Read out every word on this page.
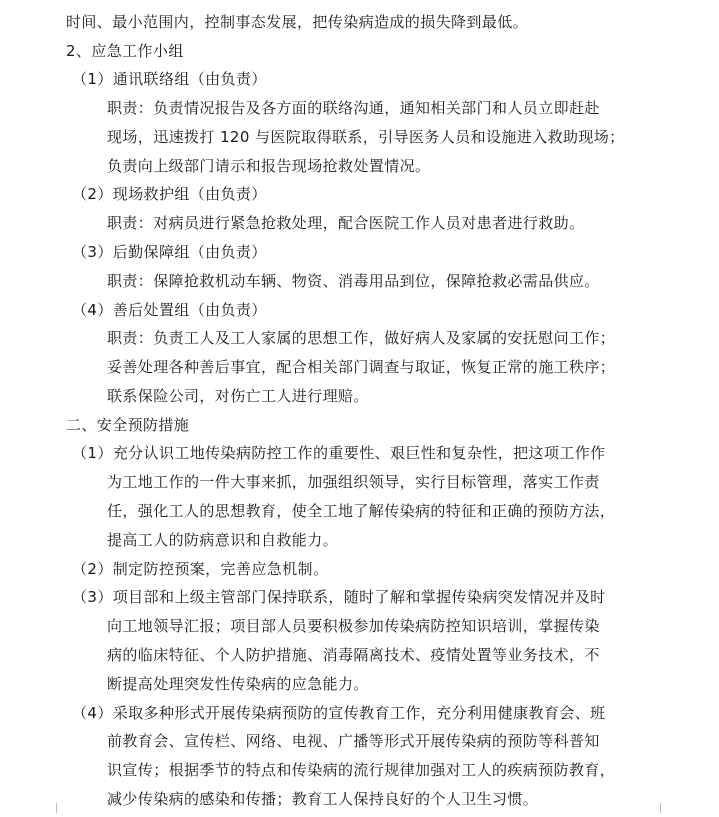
时间、最小范围内，控制事态发展，把传染病造成的损失降到最低。
2、应急工作小组
（1）通讯联络组（由负责）
职责：负责情况报告及各方面的联络沟通，通知相关部门和人员立即赶赴
现场，迅速拨打 120 与医院取得联系，引导医务人员和设施进入救助现场；
负责向上级部门请示和报告现场抢救处置情况。
（2）现场救护组（由负责）
职责：对病员进行紧急抢救处理，配合医院工作人员对患者进行救助。
（3）后勤保障组（由负责）
职责：保障抢救机动车辆、物资、消毒用品到位，保障抢救必需品供应。
（4）善后处置组（由负责）
职责：负责工人及工人家属的思想工作，做好病人及家属的安抚慰问工作；
妥善处理各种善后事宜，配合相关部门调查与取证，恢复正常的施工秩序；
联系保险公司，对伤亡工人进行理赔。
二、安全预防措施
（1）充分认识工地传染病防控工作的重要性、艰巨性和复杂性，把这项工作作
为工地工作的一件大事来抓，加强组织领导，实行目标管理，落实工作责
任，强化工人的思想教育，使全工地了解传染病的特征和正确的预防方法，
提高工人的防病意识和自救能力。
（2）制定防控预案，完善应急机制。
（3）项目部和上级主管部门保持联系，随时了解和掌握传染病突发情况并及时
向工地领导汇报；项目部人员要积极参加传染病防控知识培训，掌握传染
病的临床特征、个人防护措施、消毒隔离技术、疫情处置等业务技术，不
断提高处理突发性传染病的应急能力。
（4）采取多种形式开展传染病预防的宣传教育工作，充分利用健康教育会、班
前教育会、宣传栏、网络、电视、广播等形式开展传染病的预防等科普知
识宣传；根据季节的特点和传染病的流行规律加强对工人的疾病预防教育，
减少传染病的感染和传播；教育工人保持良好的个人卫生习惯。
